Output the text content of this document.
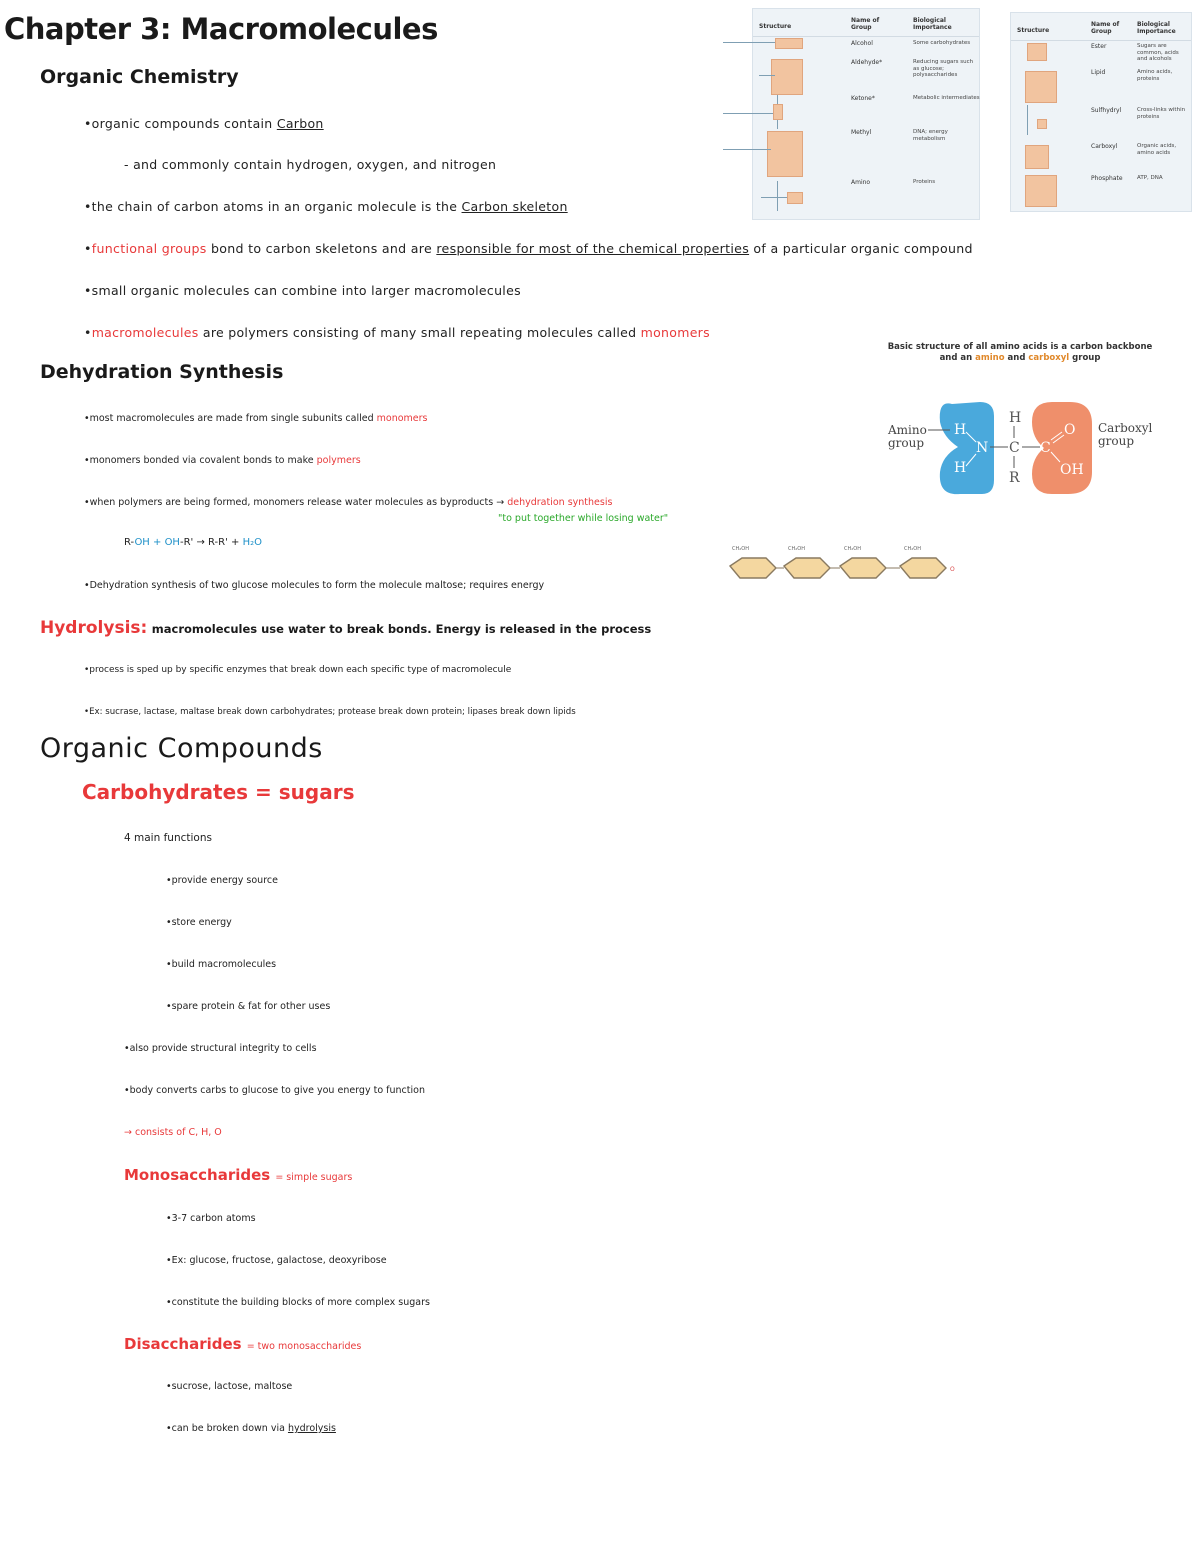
Chapter 3: Macromolecules
Organic Chemistry
•organic compounds contain Carbon
- and commonly contain hydrogen, oxygen, and nitrogen
•the chain of carbon atoms in an organic molecule is the Carbon skeleton
•functional groups bond to carbon skeletons and are responsible for most of the chemical properties of a particular organic compound
•small organic molecules can combine into larger macromolecules
•macromolecules are polymers consisting of many small repeating molecules called monomers
Dehydration Synthesis
•most macromolecules are made from single subunits called monomers
•monomers bonded via covalent bonds to make polymers
•when polymers are being formed, monomers release water molecules as byproducts → dehydration synthesis
"to put together while losing water"
R-OH + OH-R' → R-R' + H₂O
•Dehydration synthesis of two glucose molecules to form the molecule maltose; requires energy
Hydrolysis: macromolecules use water to break bonds. Energy is released in the process
•process is sped up by specific enzymes that break down each specific type of macromolecule
•Ex: sucrase, lactase, maltase break down carbohydrates; protease break down protein; lipases break down lipids
Organic Compounds
Carbohydrates = sugars
4 main functions
•provide energy source
•store energy
•build macromolecules
•spare protein & fat for other uses
•also provide structural integrity to cells
•body converts carbs to glucose to give you energy to function
→ consists of C, H, O
Monosaccharides = simple sugars
•3-7 carbon atoms
•Ex: glucose, fructose, galactose, deoxyribose
•constitute the building blocks of more complex sugars
Disaccharides = two monosaccharides
•sucrose, lactose, maltose
•can be broken down via hydrolysis
Structure
Name of Group
Biological Importance
Alcohol	Some carbohydrates
Aldehyde*	Reducing sugars such as glucose; polysaccharides
Ketone*	Metabolic intermediates
Methyl	DNA; energy metabolism
Amino	Proteins
Structure
Name of Group
Biological Importance
Ester	Sugars are common, acids and alcohols
Lipid	Amino acids, proteins
Sulfhydryl	Cross-links within proteins
Carboxyl	Organic acids, amino acids
Phosphate	ATP, DNA
Basic structure of all amino acids is a carbon backbone
and an amino and carboxyl group
Amino
group
Carboxyl
group
H
N
H
H
C
R
C
O
OH
CH₂OH	CH₂OH	CH₂OH	CH₂OH
O
